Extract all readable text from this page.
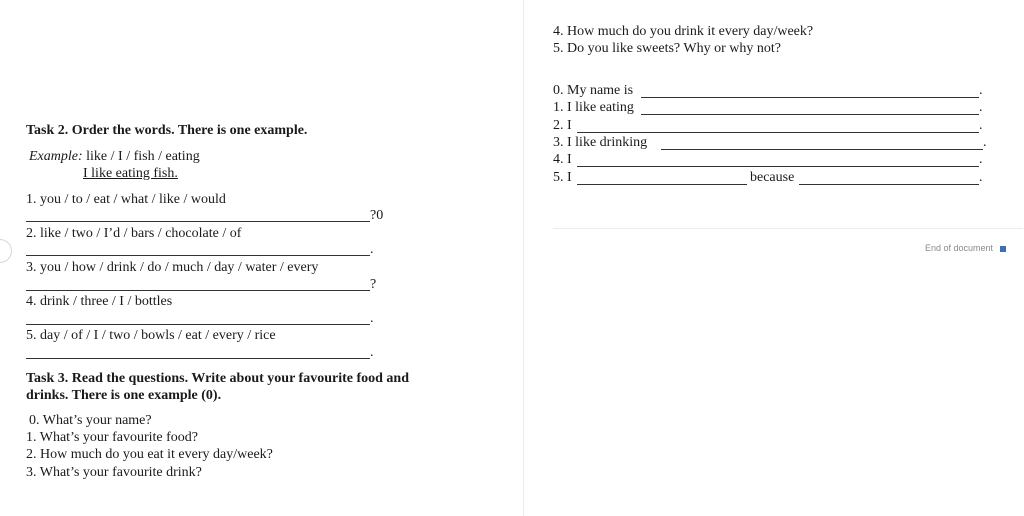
Task 2. Order the words. There is one example.
Example: like / I / fish / eating
I like eating fish.
1. you / to / eat / what / like / would
?0
2. like / two / I’d / bars / chocolate / of
.
3. you / how / drink / do / much / day / water / every
?
4. drink / three / I / bottles
.
5. day / of / I / two / bowls / eat / every / rice
.
Task 3. Read the questions. Write about your favourite food and
drinks. There is one example (0).
0. What’s your name?
1. What’s your favourite food?
2. How much do you eat it every day/week?
3. What’s your favourite drink?
4. How much do you drink it every day/week?
5. Do you like sweets? Why or why not?
0. My name is	.
1. I like eating	.
2. I	.
3. I like drinking	.
4. I	.
5. I	because	.
End of document
